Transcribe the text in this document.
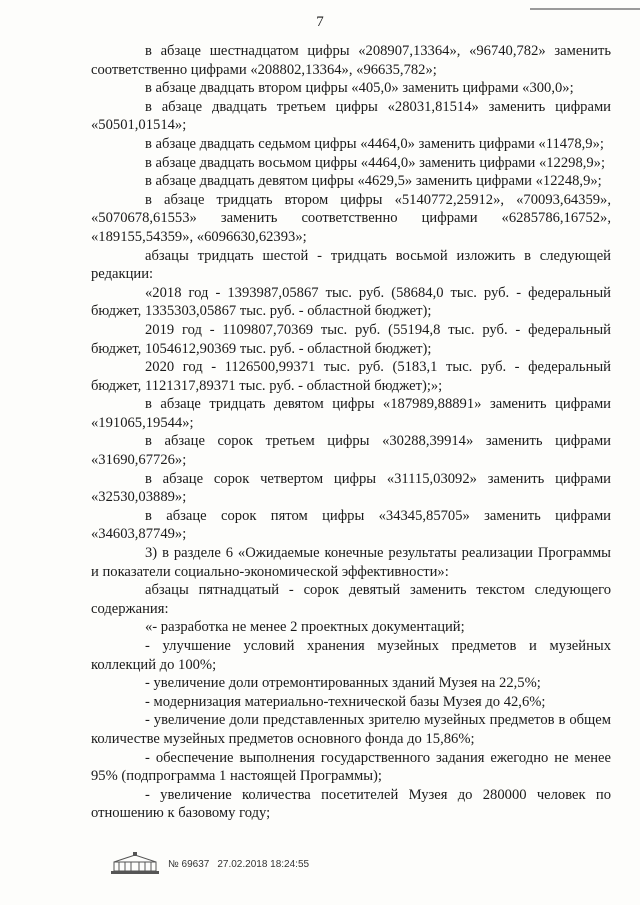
7

в абзаце шестнадцатом цифры «208907,13364», «96740,782» заменить соответственно цифрами «208802,13364», «96635,782»;

в абзаце двадцать втором цифры «405,0» заменить цифрами «300,0»;

в абзаце двадцать третьем цифры «28031,81514» заменить цифрами «50501,01514»;

в абзаце двадцать седьмом цифры «4464,0» заменить цифрами «11478,9»;

в абзаце двадцать восьмом цифры «4464,0» заменить цифрами «12298,9»;

в абзаце двадцать девятом цифры «4629,5» заменить цифрами «12248,9»;

в абзаце тридцать втором цифры «5140772,25912», «70093,64359», «5070678,61553» заменить соответственно цифрами «6285786,16752», «189155,54359», «6096630,62393»;

абзацы тридцать шестой - тридцать восьмой изложить в следующей редакции:

«2018 год - 1393987,05867 тыс. руб. (58684,0 тыс. руб. - федеральный бюджет, 1335303,05867 тыс. руб. - областной бюджет);

2019 год - 1109807,70369 тыс. руб. (55194,8 тыс. руб. - федеральный бюджет, 1054612,90369 тыс. руб. - областной бюджет);

2020 год - 1126500,99371 тыс. руб. (5183,1 тыс. руб. - федеральный бюджет, 1121317,89371 тыс. руб. - областной бюджет);»;

в абзаце тридцать девятом цифры «187989,88891» заменить цифрами «191065,19544»;

в абзаце сорок третьем цифры «30288,39914» заменить цифрами «31690,67726»;

в абзаце сорок четвертом цифры «31115,03092» заменить цифрами «32530,03889»;

в абзаце сорок пятом цифры «34345,85705» заменить цифрами «34603,87749»;

3) в разделе 6 «Ожидаемые конечные результаты реализации Программы и показатели социально-экономической эффективности»:

абзацы пятнадцатый - сорок девятый заменить текстом следующего содержания:

«- разработка не менее 2 проектных документаций;

- улучшение условий хранения музейных предметов и музейных коллекций до 100%;

- увеличение доли отремонтированных зданий Музея на 22,5%;

- модернизация материально-технической базы Музея до 42,6%;

- увеличение доли представленных зрителю музейных предметов в общем количестве музейных предметов основного фонда до 15,86%;

- обеспечение выполнения государственного задания ежегодно не менее 95% (подпрограмма 1 настоящей Программы);

- увеличение количества посетителей Музея до 280000 человек по отношению к базовому году;

№ 69637 27.02.2018 18:24:55
